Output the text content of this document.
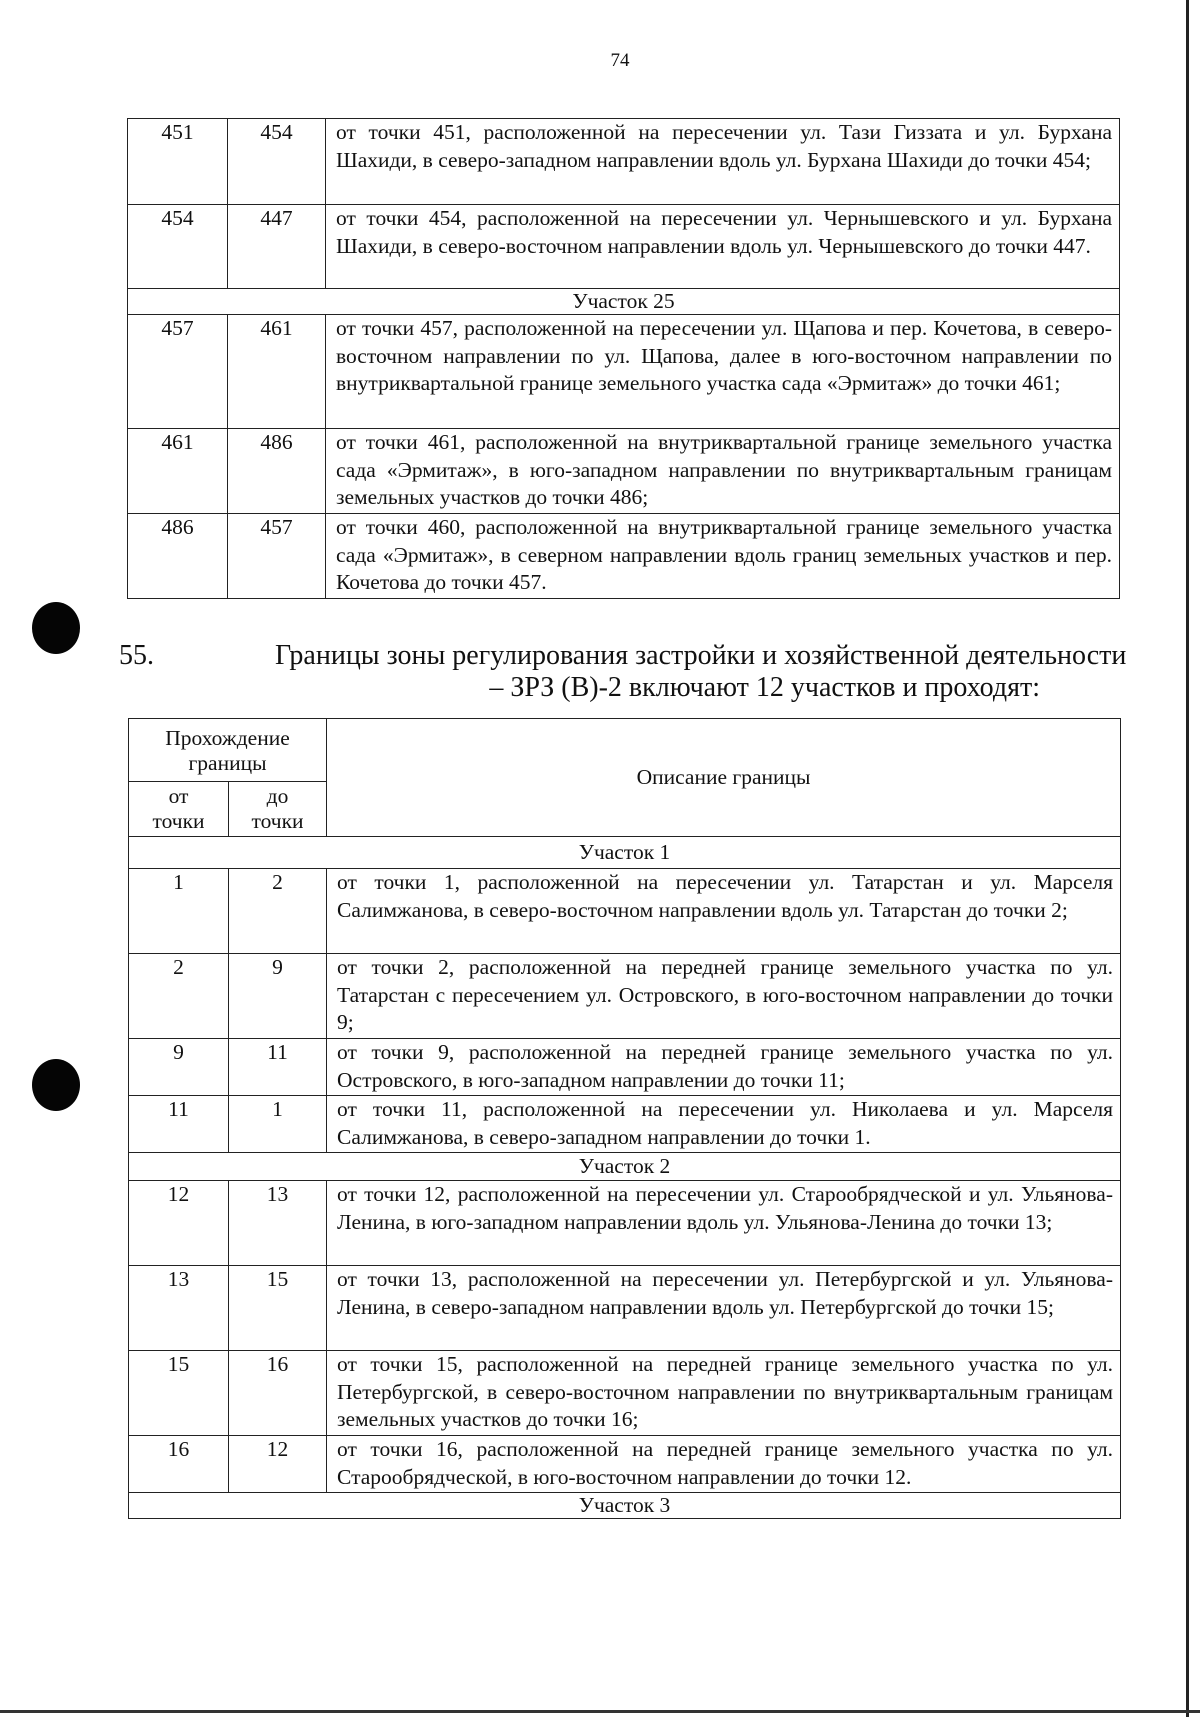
74
451	454	от точки 451, расположенной на пересечении ул. Тази Гиззата и ул. Бурхана Шахиди, в северо-западном направлении вдоль ул. Бурхана Шахиди до точки 454;
454	447	от точки 454, расположенной на пересечении ул. Чернышевского и ул. Бурхана Шахиди, в северо-восточном направлении вдоль ул. Чернышевского до точки 447.
Участок 25		
457	461	от точки 457, расположенной на пересечении ул. Щапова и пер. Кочетова, в северо-восточном направлении по ул. Щапова, далее в юго-восточном направлении по внутриквартальной границе земельного участка сада «Эрмитаж» до точки 461;
461	486	от точки 461, расположенной на внутриквартальной границе земельного участка сада «Эрмитаж», в юго-западном направлении по внутриквартальным границам земельных участков до точки 486;
486	457	от точки 460, расположенной на внутриквартальной границе земельного участка сада «Эрмитаж», в северном направлении вдоль границ земельных участков и пер. Кочетова до точки 457.
55.	Границы зоны регулирования застройки и хозяйственной деятельности
– ЗРЗ (В)-2 включают 12 участков и проходят:
Прохождение границы		Описание границы

от точки	до точки	

Участок 1		
1	2	от точки 1, расположенной на пересечении ул. Татарстан и ул. Марселя Салимжанова, в северо-восточном направлении вдоль ул. Татарстан до точки 2;
2	9	от точки 2, расположенной на передней границе земельного участка по ул. Татарстан с пересечением ул. Островского, в юго-восточном направлении до точки 9;
9	11	от точки 9, расположенной на передней границе земельного участка по ул. Островского, в юго-западном направлении до точки 11;
11	1	от точки 11, расположенной на пересечении ул. Николаева и ул. Марселя Салимжанова, в северо-западном направлении до точки 1.
Участок 2		
12	13	от точки 12, расположенной на пересечении ул. Старообрядческой и ул. Ульянова-Ленина, в юго-западном направлении вдоль ул. Ульянова-Ленина до точки 13;
13	15	от точки 13, расположенной на пересечении ул. Петербургской и ул. Ульянова-Ленина, в северо-западном направлении вдоль ул. Петербургской до точки 15;
15	16	от точки 15, расположенной на передней границе земельного участка по ул. Петербургской, в северо-восточном направлении по внутриквартальным границам земельных участков до точки 16;
16	12	от точки 16, расположенной на передней границе земельного участка по ул. Старообрядческой, в юго-восточном направлении до точки 12.
Участок 3		
